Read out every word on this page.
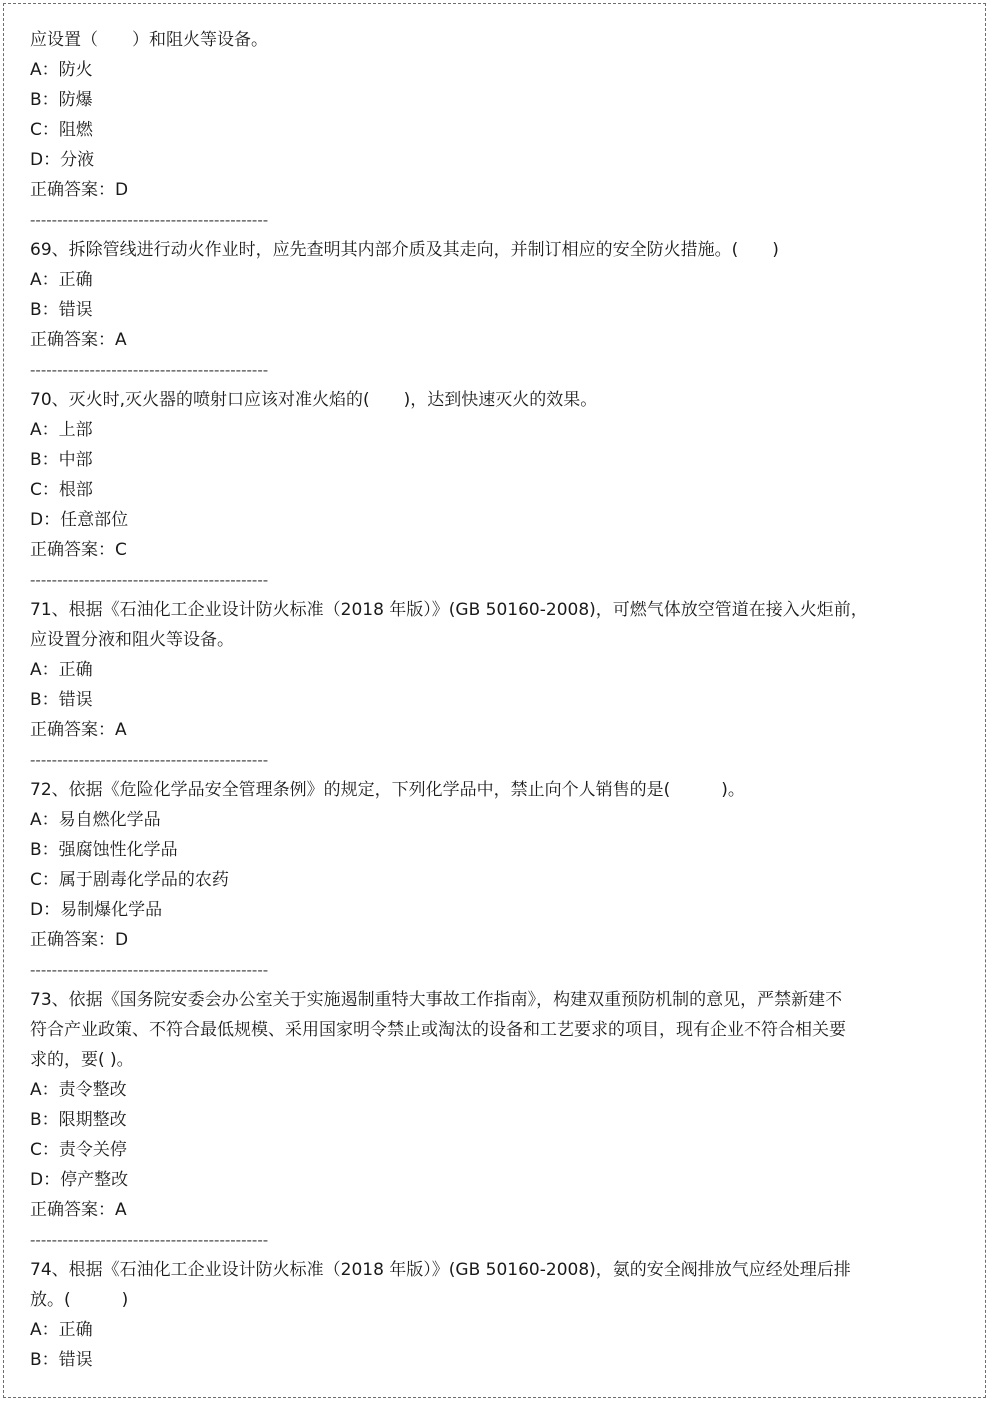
应设置（　　）和阻火等设备。
A：防火
B：防爆
C：阻燃
D：分液
正确答案：D
--------------------------------------------
69、拆除管线进行动火作业时，应先查明其内部介质及其走向，并制订相应的安全防火措施。(　　)
A：正确
B：错误
正确答案：A
--------------------------------------------
70、灭火时,灭火器的喷射口应该对准火焰的(　　)，达到快速灭火的效果。
A：上部
B：中部
C：根部
D：任意部位
正确答案：C
--------------------------------------------
71、根据《石油化工企业设计防火标准（2018 年版）》(GB 50160-2008)，可燃气体放空管道在接入火炬前，
应设置分液和阻火等设备。
A：正确
B：错误
正确答案：A
--------------------------------------------
72、依据《危险化学品安全管理条例》的规定，下列化学品中，禁止向个人销售的是(　　　)。
A：易自燃化学品
B：强腐蚀性化学品
C：属于剧毒化学品的农药
D：易制爆化学品
正确答案：D
--------------------------------------------
73、依据《国务院安委会办公室关于实施遏制重特大事故工作指南》，构建双重预防机制的意见，严禁新建不
符合产业政策、不符合最低规模、采用国家明令禁止或淘汰的设备和工艺要求的项目，现有企业不符合相关要
求的，要( )。
A：责令整改
B：限期整改
C：责令关停
D：停产整改
正确答案：A
--------------------------------------------
74、根据《石油化工企业设计防火标准（2018 年版）》(GB 50160-2008)，氨的安全阀排放气应经处理后排
放。(　　　)
A：正确
B：错误
